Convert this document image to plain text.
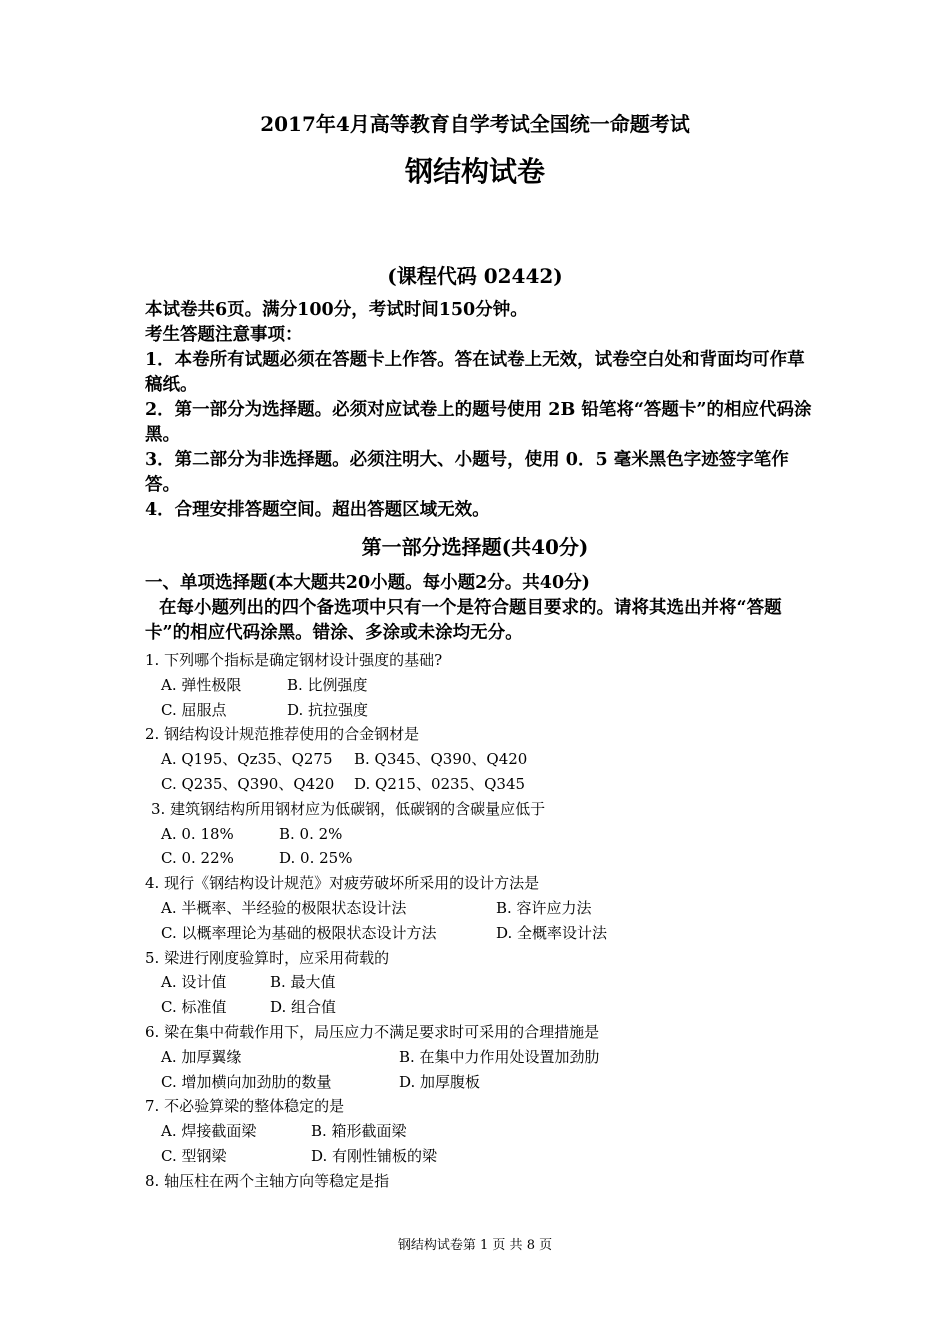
2017年4月高等教育自学考试全国统一命题考试
钢结构试卷
(课程代码 02442)

本试卷共6页。满分100分，考试时间150分钟。

考生答题注意事项：

1．本卷所有试题必须在答题卡上作答。答在试卷上无效，试卷空白处和背面均可作草稿纸。

2．第一部分为选择题。必须对应试卷上的题号使用 2B 铅笔将“答题卡”的相应代码涂黑。

3．第二部分为非选择题。必须注明大、小题号，使用 0．5 毫米黑色字迹签字笔作答。

4．合理安排答题空间。超出答题区域无效。

第一部分选择题(共40分)

一、单项选择题(本大题共20小题。每小题2分。共40分)

在每小题列出的四个备选项中只有一个是符合题目要求的。请将其选出并将“答题卡”的相应代码涂黑。错涂、多涂或未涂均无分。

1. 下列哪个指标是确定钢材设计强度的基础?
A. 弹性极限	B. 比例强度
C. 屈服点	D. 抗拉强度
2. 钢结构设计规范推荐使用的合金钢材是
A. Q195、Qz35、Q275	B. Q345、Q390、Q420
C. Q235、Q390、Q420	D. Q215、0235、Q345
3. 建筑钢结构所用钢材应为低碳钢，低碳钢的含碳量应低于
A. 0. 18%	B. 0. 2%
C. 0. 22%	D. 0. 25%
4. 现行《钢结构设计规范》对疲劳破坏所采用的设计方法是
A. 半概率、半经验的极限状态设计法	B. 容许应力法
C. 以概率理论为基础的极限状态设计方法	D. 全概率设计法
5. 梁进行刚度验算时，应采用荷载的
A. 设计值	B. 最大值
C. 标准值	D. 组合值
6. 梁在集中荷载作用下，局压应力不满足要求时可采用的合理措施是
A. 加厚翼缘	B. 在集中力作用处设置加劲肋
C. 增加横向加劲肋的数量	D. 加厚腹板
7. 不必验算梁的整体稳定的是
A. 焊接截面梁	B. 箱形截面梁
C. 型钢梁	D. 有刚性铺板的梁
8. 轴压柱在两个主轴方向等稳定是指
钢结构试卷第 1 页 共 8 页
